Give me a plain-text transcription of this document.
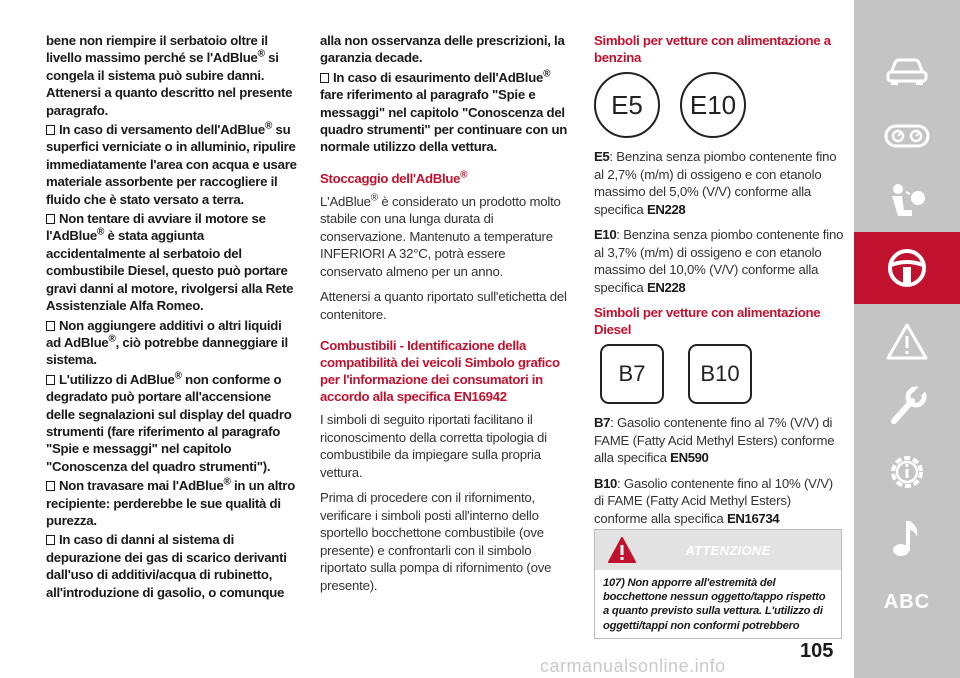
bene non riempire il serbatoio oltre il livello massimo perché se l'AdBlue® si congela il sistema può subire danni. Attenersi a quanto descritto nel presente paragrafo.

In caso di versamento dell'AdBlue® su superfici verniciate o in alluminio, ripulire immediatamente l'area con acqua e usare materiale assorbente per raccogliere il fluido che è stato versato a terra.

Non tentare di avviare il motore se l'AdBlue® è stata aggiunta accidentalmente al serbatoio del combustibile Diesel, questo può portare gravi danni al motore, rivolgersi alla Rete Assistenziale Alfa Romeo.

Non aggiungere additivi o altri liquidi ad AdBlue®, ciò potrebbe danneggiare il sistema.

L'utilizzo di AdBlue® non conforme o degradato può portare all'accensione delle segnalazioni sul display del quadro strumenti (fare riferimento al paragrafo "Spie e messaggi" nel capitolo "Conoscenza del quadro strumenti").

Non travasare mai l'AdBlue® in un altro recipiente: perderebbe le sue qualità di purezza.

In caso di danni al sistema di depurazione dei gas di scarico derivanti dall'uso di additivi/acqua di rubinetto, all'introduzione di gasolio, o comunque

alla non osservanza delle prescrizioni, la garanzia decade.

In caso di esaurimento dell'AdBlue® fare riferimento al paragrafo "Spie e messaggi" nel capitolo "Conoscenza del quadro strumenti" per continuare con un normale utilizzo della vettura.

Stoccaggio dell'AdBlue®

L'AdBlue® è considerato un prodotto molto stabile con una lunga durata di conservazione. Mantenuto a temperature INFERIORI A 32°C, potrà essere conservato almeno per un anno.

Attenersi a quanto riportato sull'etichetta del contenitore.

Combustibili - Identificazione della compatibilità dei veicoli Simbolo grafico per l'informazione dei consumatori in accordo alla specifica EN16942

I simboli di seguito riportati facilitano il riconoscimento della corretta tipologia di combustibile da impiegare sulla propria vettura.

Prima di procedere con il rifornimento, verificare i simboli posti all'interno dello sportello bocchettone combustibile (ove presente) e confrontarli con il simbolo riportato sulla pompa di rifornimento (ove presente).

Simboli per vetture con alimentazione a benzina
E5	E10

E5: Benzina senza piombo contenente fino al 2,7% (m/m) di ossigeno e con etanolo massimo del 5,0% (V/V) conforme alla specifica EN228

E10: Benzina senza piombo contenente fino al 3,7% (m/m) di ossigeno e con etanolo massimo del 10,0% (V/V) conforme alla specifica EN228

Simboli per vetture con alimentazione Diesel
B7	B10

B7: Gasolio contenente fino al 7% (V/V) di FAME (Fatty Acid Methyl Esters) conforme alla specifica EN590

B10: Gasolio contenente fino al 10% (V/V) di FAME (Fatty Acid Methyl Esters) conforme alla specifica EN16734

ATTENZIONE
107) Non apporre all'estremità del bocchettone nessun oggetto/tappo rispetto a quanto previsto sulla vettura. L'utilizzo di oggetti/tappi non conformi potrebbero
105
carmanualsonline.info
ABC
